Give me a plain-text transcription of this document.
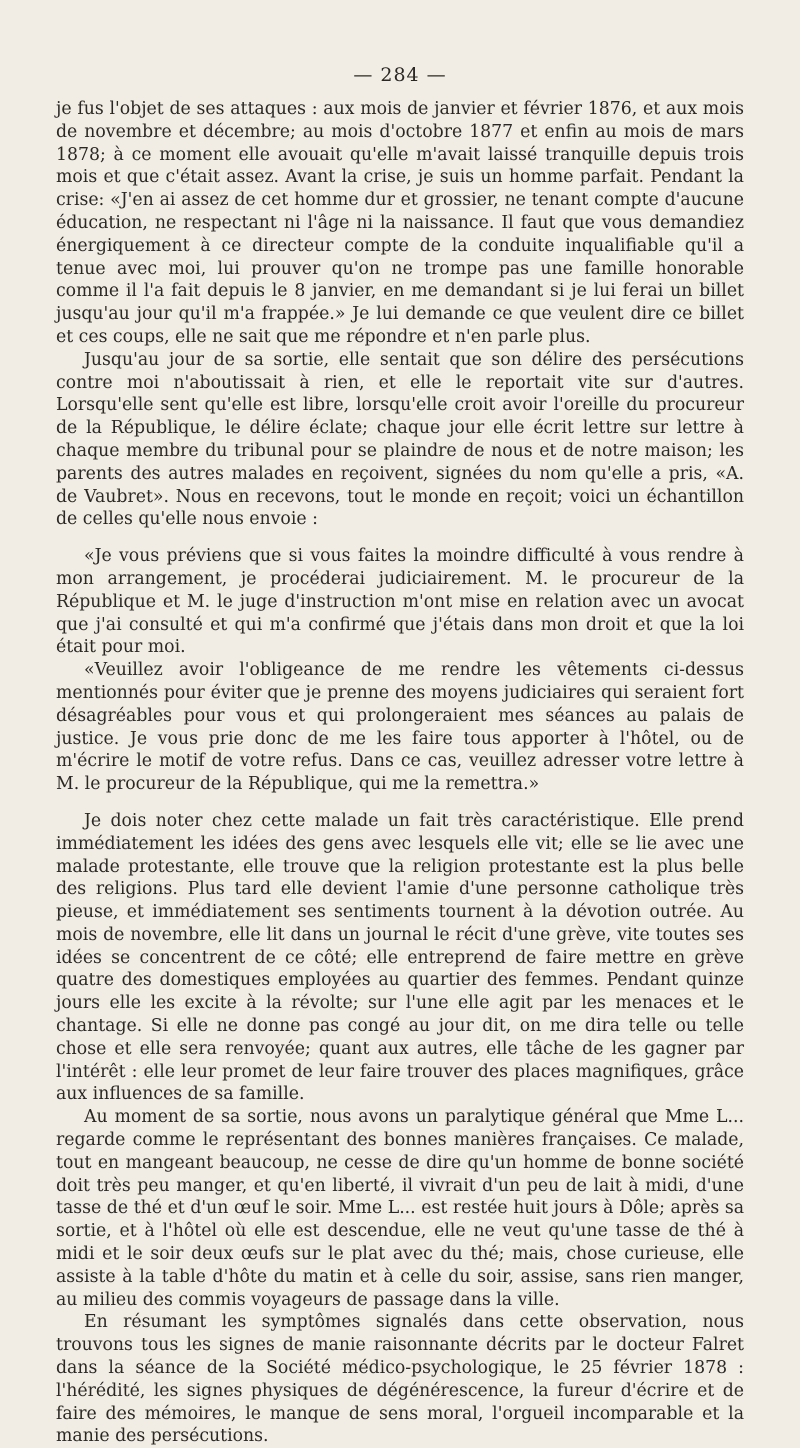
— 284 —

je fus l'objet de ses attaques : aux mois de janvier et février 1876, et aux mois de novembre et décembre; au mois d'octobre 1877 et enfin au mois de mars 1878; à ce moment elle avouait qu'elle m'avait laissé tranquille depuis trois mois et que c'était assez. Avant la crise, je suis un homme parfait. Pendant la crise: «J'en ai assez de cet homme dur et grossier, ne tenant compte d'aucune éducation, ne respectant ni l'âge ni la naissance. Il faut que vous demandiez énergiquement à ce directeur compte de la conduite inqualifiable qu'il a tenue avec moi, lui prouver qu'on ne trompe pas une famille honorable comme il l'a fait depuis le 8 janvier, en me demandant si je lui ferai un billet jusqu'au jour qu'il m'a frappée.» Je lui demande ce que veulent dire ce billet et ces coups, elle ne sait que me répondre et n'en parle plus.

Jusqu'au jour de sa sortie, elle sentait que son délire des persécutions contre moi n'aboutissait à rien, et elle le reportait vite sur d'autres. Lorsqu'elle sent qu'elle est libre, lorsqu'elle croit avoir l'oreille du procureur de la République, le délire éclate; chaque jour elle écrit lettre sur lettre à chaque membre du tribunal pour se plaindre de nous et de notre maison; les parents des autres malades en reçoivent, signées du nom qu'elle a pris, «A. de Vaubret». Nous en recevons, tout le monde en reçoit; voici un échantillon de celles qu'elle nous envoie :

«Je vous préviens que si vous faites la moindre difficulté à vous rendre à mon arrangement, je procéderai judiciairement. M. le procureur de la République et M. le juge d'instruction m'ont mise en relation avec un avocat que j'ai consulté et qui m'a confirmé que j'étais dans mon droit et que la loi était pour moi.

«Veuillez avoir l'obligeance de me rendre les vêtements ci-dessus mentionnés pour éviter que je prenne des moyens judiciaires qui seraient fort désagréables pour vous et qui prolongeraient mes séances au palais de justice. Je vous prie donc de me les faire tous apporter à l'hôtel, ou de m'écrire le motif de votre refus. Dans ce cas, veuillez adresser votre lettre à M. le procureur de la République, qui me la remettra.»

Je dois noter chez cette malade un fait très caractéristique. Elle prend immédiatement les idées des gens avec lesquels elle vit; elle se lie avec une malade protestante, elle trouve que la religion protestante est la plus belle des religions. Plus tard elle devient l'amie d'une personne catholique très pieuse, et immédiatement ses sentiments tournent à la dévotion outrée. Au mois de novembre, elle lit dans un journal le récit d'une grève, vite toutes ses idées se concentrent de ce côté; elle entreprend de faire mettre en grève quatre des domestiques employées au quartier des femmes. Pendant quinze jours elle les excite à la révolte; sur l'une elle agit par les menaces et le chantage. Si elle ne donne pas congé au jour dit, on me dira telle ou telle chose et elle sera renvoyée; quant aux autres, elle tâche de les gagner par l'intérêt : elle leur promet de leur faire trouver des places magnifiques, grâce aux influences de sa famille.

Au moment de sa sortie, nous avons un paralytique général que Mme L... regarde comme le représentant des bonnes manières françaises. Ce malade, tout en mangeant beaucoup, ne cesse de dire qu'un homme de bonne société doit très peu manger, et qu'en liberté, il vivrait d'un peu de lait à midi, d'une tasse de thé et d'un œuf le soir. Mme L... est restée huit jours à Dôle; après sa sortie, et à l'hôtel où elle est descendue, elle ne veut qu'une tasse de thé à midi et le soir deux œufs sur le plat avec du thé; mais, chose curieuse, elle assiste à la table d'hôte du matin et à celle du soir, assise, sans rien manger, au milieu des commis voyageurs de passage dans la ville.

En résumant les symptômes signalés dans cette observation, nous trouvons tous les signes de manie raisonnante décrits par le docteur Falret dans la séance de la Société médico-psychologique, le 25 février 1878 : l'hérédité, les signes physiques de dégénérescence, la fureur d'écrire et de faire des mémoires, le manque de sens moral, l'orgueil incomparable et la manie des persécutions.
